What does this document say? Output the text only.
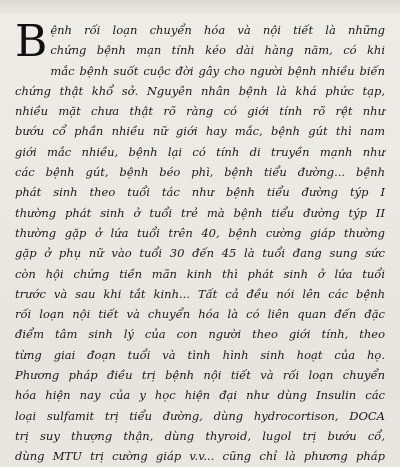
B ệnh rối loạn chuyển hóa và nội tiết là những
chứng bệnh mạn tính kéo dài hàng năm, có khi
mắc bệnh suốt cuộc đời gây cho người bệnh nhiều biến
chứng thật khổ sở. Nguyên nhân bệnh là khá phức tạp,
nhiều mặt chưa thật rõ ràng có giới tính rõ rệt như
bướu cổ phần nhiều nữ giới hay mắc, bệnh gút thì nam
giới mắc nhiều, bệnh lại có tính di truyền mạnh như
các bệnh gút, bệnh béo phì, bệnh tiểu đường... bệnh
phát sinh theo tuổi tác như bệnh tiểu đường týp I
thường phát sinh ở tuổi trẻ mà bệnh tiểu đường týp II
thường gặp ở lứa tuổi trên 40, bệnh cường giáp thường
gặp ở phụ nữ vào tuổi 30 đến 45 là tuổi đang sung sức
còn hội chứng tiền mãn kinh thì phát sinh ở lứa tuổi
trước và sau khi tắt kinh... Tất cả đều nói lên các bệnh
rối loạn nội tiết và chuyển hóa là có liên quan đến đặc
điểm tâm sinh lý của con người theo giới tính, theo
từng giai đoạn tuổi và tình hình sinh hoạt của họ.
Phương pháp điều trị bệnh nội tiết và rối loạn chuyển
hóa hiện nay của y học hiện đại như dùng Insulin các
loại sulfamit trị tiểu đường, dùng hydrocortison, DOCA
trị suy thượng thận, dùng thyroid, lugol trị bướu cổ,
dùng MTU trị cường giáp v.v... cũng chỉ là phương pháp
